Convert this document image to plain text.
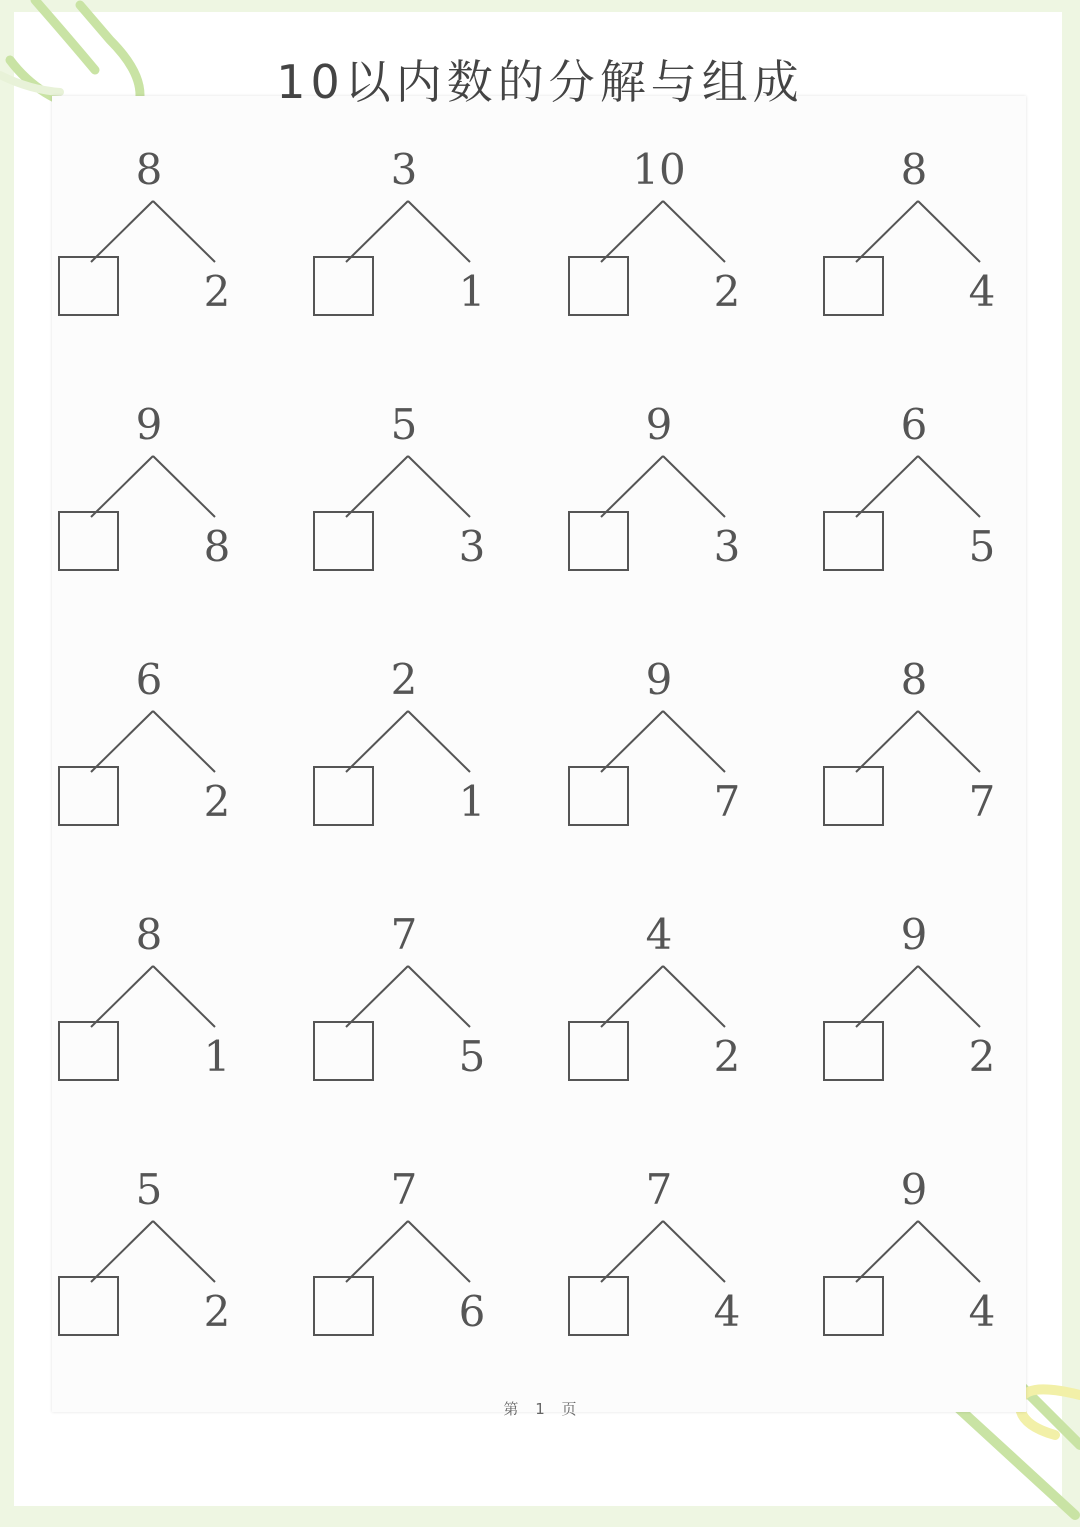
10以内数的分解与组成
8
2
3
1
10
2
8
4
9
8
5
3
9
3
6
5
6
2
2
1
9
7
8
7
8
1
7
5
4
2
9
2
5
2
7
6
7
4
9
4
第 1 页
